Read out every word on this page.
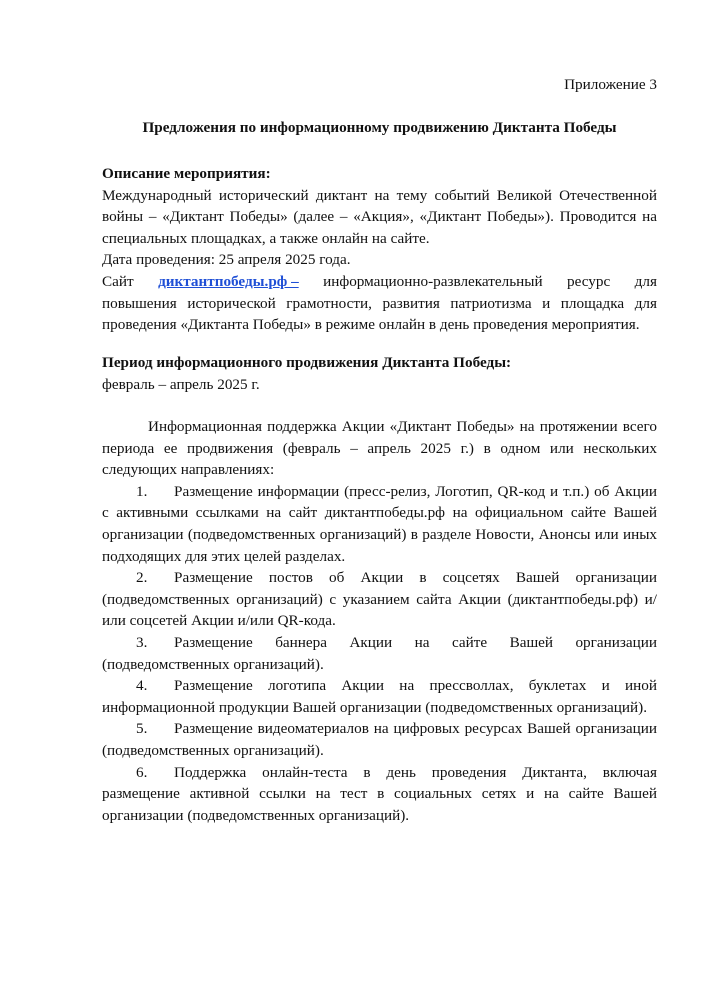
Приложение 3
Предложения по информационному продвижению Диктанта Победы

Описание мероприятия:

Международный исторический диктант на тему событий Великой Отечественной войны – «Диктант Победы» (далее – «Акция», «Диктант Победы»). Проводится на специальных площадках, а также онлайн на сайте.

Дата проведения: 25 апреля 2025 года.

Сайт диктантпобеды.рф – информационно-развлекательный ресурс для

повышения исторической грамотности, развития патриотизма и площадка для проведения «Диктанта Победы» в режиме онлайн в день проведения мероприятия.

Период информационного продвижения Диктанта Победы:

февраль – апрель 2025 г.

Информационная поддержка Акции «Диктант Победы» на протяжении всего периода ее продвижения (февраль – апрель 2025 г.) в одном или нескольких следующих направлениях:

1. Размещение информации (пресс-релиз, Логотип, QR-код и т.п.) об Акции с активными ссылками на сайт диктантпобеды.рф на официальном сайте Вашей организации (подведомственных организаций) в разделе Новости, Анонсы или иных подходящих для этих целей разделах.

2. Размещение постов об Акции в соцсетях Вашей организации (подведомственных организаций) с указанием сайта Акции (диктантпобеды.рф) и/или соцсетей Акции и/или QR-кода.

3. Размещение баннера Акции на сайте Вашей организации (подведомственных организаций).

4. Размещение логотипа Акции на прессволлах, буклетах и иной информационной продукции Вашей организации (подведомственных организаций).

5. Размещение видеоматериалов на цифровых ресурсах Вашей организации (подведомственных организаций).

6. Поддержка онлайн-теста в день проведения Диктанта, включая размещение активной ссылки на тест в социальных сетях и на сайте Вашей организации (подведомственных организаций).
